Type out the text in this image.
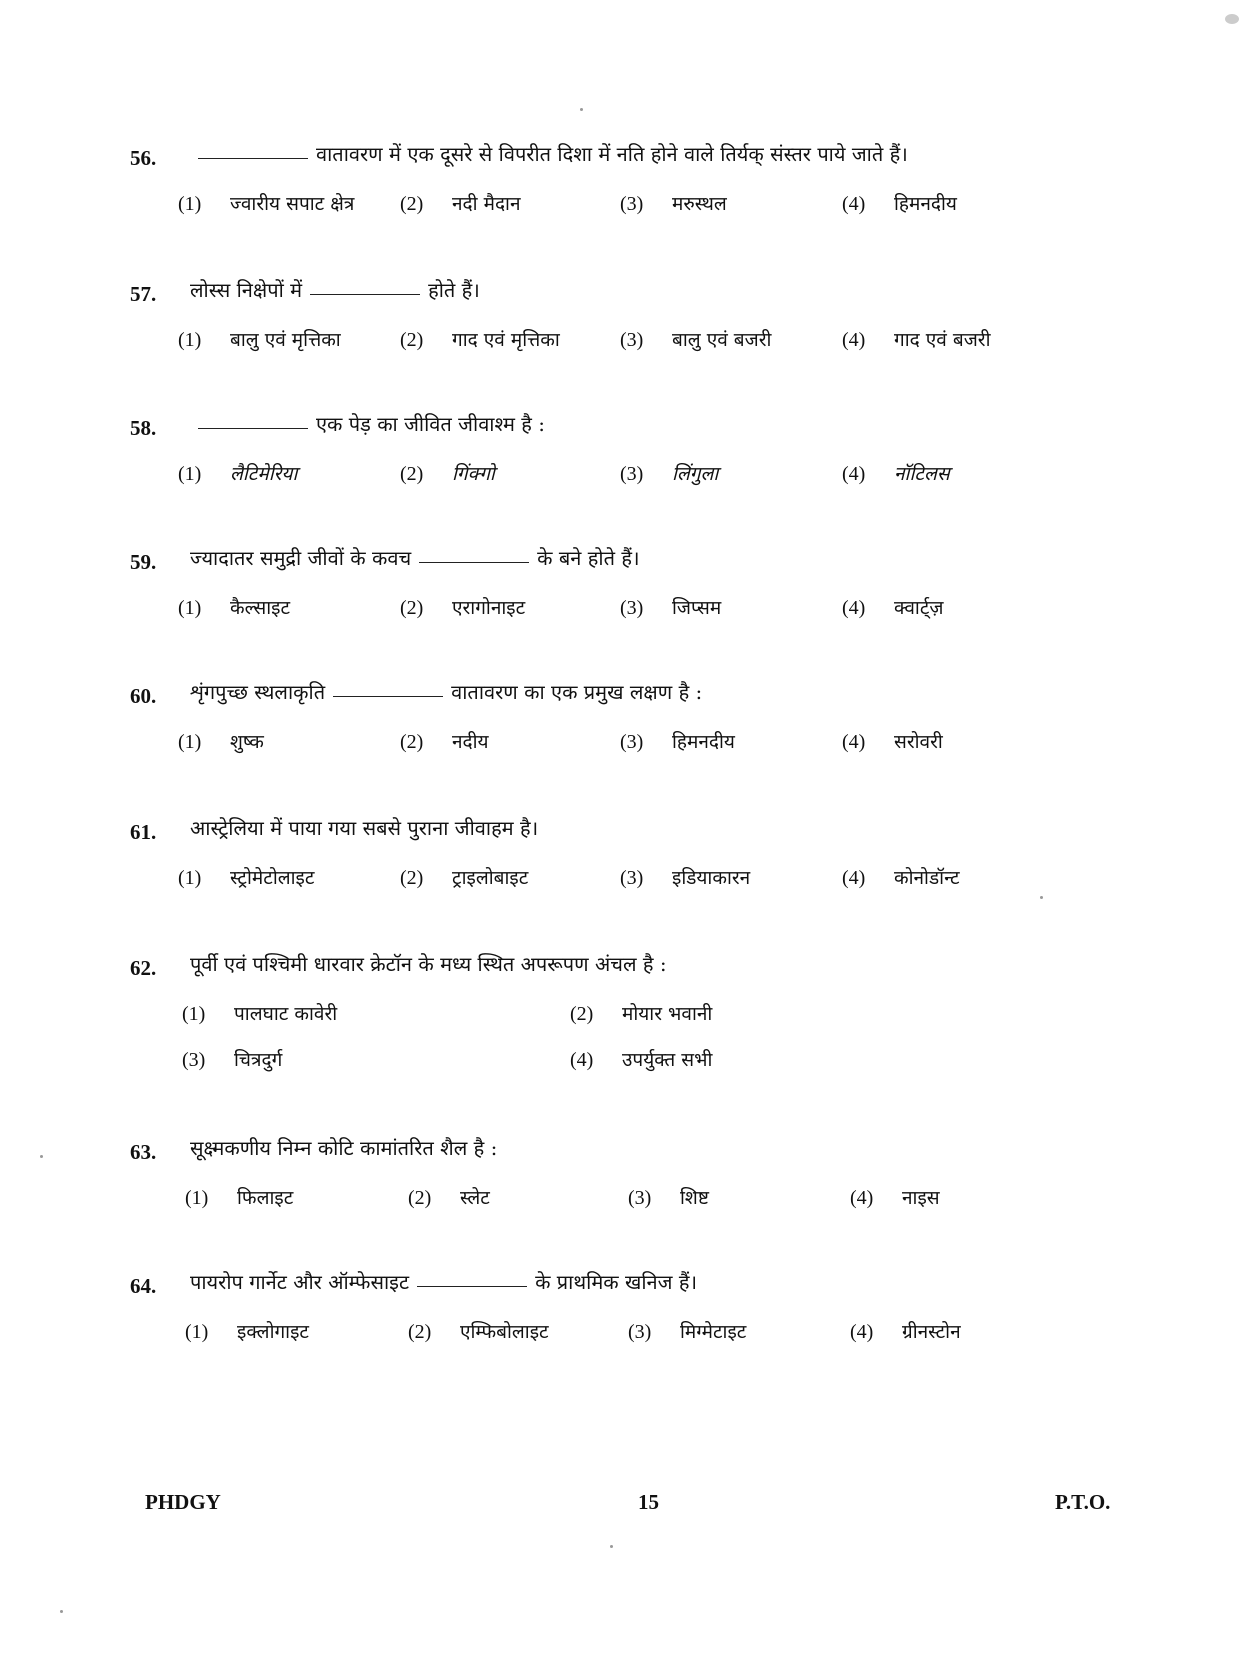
56.	वातावरण में एक दूसरे से विपरीत दिशा में नति होने वाले तिर्यक् संस्तर पाये जाते हैं।
(1) ज्वारीय सपाट क्षेत्र (2) नदी मैदान	(3) मरुस्थल	(4) हिमनदीय
57. लोस्स निक्षेपों में	होते हैं।
(1) बालु एवं मृत्तिका	(2) गाद एवं मृत्तिका	(3) बालु एवं बजरी	(4) गाद एवं बजरी
58.	एक पेड़ का जीवित जीवाश्म है :
(1) लैटिमेरिया	(2) गिंक्गो	(3) लिंगुला	(4) नॉटिलस
59. ज्यादातर समुद्री जीवों के कवच	के बने होते हैं।
(1) कैल्साइट	(2) एरागोनाइट	(3) जिप्सम	(4) क्वार्ट्ज़
60. शृंगपुच्छ स्थलाकृति	वातावरण का एक प्रमुख लक्षण है :
(1) शुष्क	(2) नदीय	(3) हिमनदीय	(4) सरोवरी
61. आस्ट्रेलिया में पाया गया सबसे पुराना जीवाहम है।
(1) स्ट्रोमेटोलाइट	(2) ट्राइलोबाइट	(3) इडियाकारन	(4) कोनोडॉन्ट
62. पूर्वी एवं पश्चिमी धारवार क्रेटॉन के मध्य स्थित अपरूपण अंचल है :
(1) पालघाट कावेरी	(2) मोयार भवानी
(3) चित्रदुर्ग	(4) उपर्युक्त सभी
63. सूक्ष्मकणीय निम्न कोटि कामांतरित शैल है :
(1) फिलाइट	(2) स्लेट	(3) शिष्ट	(4) नाइस
64. पायरोप गार्नेट और ऑम्फेसाइट	के प्राथमिक खनिज हैं।
(1) इक्लोगाइट	(2) एम्फिबोलाइट	(3) मिग्मेटाइट	(4) ग्रीनस्टोन
PHDGY	15	P.T.O.
